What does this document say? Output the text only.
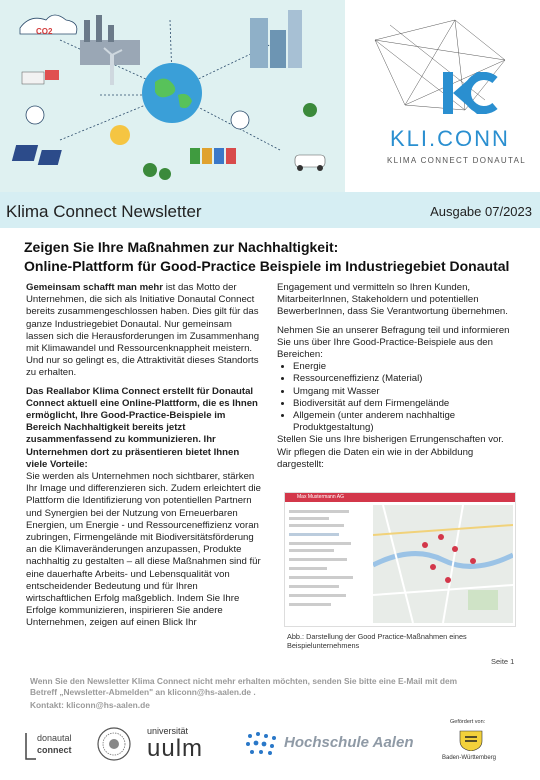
CO2
KLI.CONN
KLIMA CONNECT DONAUTAL
Klima Connect Newsletter	Ausgabe 07/2023
Zeigen Sie Ihre Maßnahmen zur Nachhaltigkeit:
Online-Plattform für Good-Practice Beispiele im Industriegebiet Donautal

Gemeinsam schafft man mehr ist das Motto der Unternehmen, die sich als Initiative Donautal Connect bereits zusammengeschlossen haben. Dies gilt für das ganze Industriegebiet Donautal. Nur gemeinsam lassen sich die Herausforderungen im Zusammenhang mit Klimawandel und Ressourcenknappheit meistern. Und nur so gelingt es, die Attraktivität dieses Standorts zu erhalten.

Das Reallabor Klima Connect erstellt für Donautal Connect aktuell eine Online-Plattform, die es Ihnen ermöglicht, Ihre Good-Practice-Beispiele im Bereich Nachhaltigkeit bereits jetzt zusammenfassend zu kommunizieren. Ihr Unternehmen dort zu präsentieren bietet Ihnen viele Vorteile:
Sie werden als Unternehmen noch sichtbarer, stärken Ihr Image und differenzieren sich. Zudem erleichtert die Plattform die Identifizierung von potentiellen Partnern und Synergien bei der Nutzung von Erneuerbaren Energien, um Energie - und Ressourceneffizienz voran zubringen, Firmengelände mit Biodiversitätsförderung an die Klimaveränderungen anzupassen, Produkte nachhaltig zu gestalten – all diese Maßnahmen sind für eine dauerhafte Arbeits- und Lebensqualität von entscheidender Bedeutung und für Ihren wirtschaftlichen Erfolg maßgeblich. Indem Sie Ihre Erfolge kommunizieren, inspirieren Sie andere Unternehmen, zeigen auf einen Blick Ihr

Engagement und vermitteln so Ihren Kunden, MitarbeiterInnen, Stakeholdern und potentiellen BewerberInnen, dass Sie Verantwortung übernehmen.

Nehmen Sie an unserer Befragung teil und informieren Sie uns über Ihre Good-Practice-Beispiele aus den Bereichen:

• Energie
• Ressourceneffizienz (Material)
• Umgang mit Wasser
• Biodiversität auf dem Firmengelände
• Allgemein (unter anderem nachhaltige Produktgestaltung)

Stellen Sie uns Ihre bisherigen Errungenschaften vor. Wir pflegen die Daten ein wie in der Abbildung dargestellt:

Max Mustermann AG
Abb.: Darstellung der Good Practice-Maßnahmen eines Beispielunternehmens
Seite 1
Wenn Sie den Newsletter Klima Connect nicht mehr erhalten möchten, senden Sie bitte eine E-Mail mit dem
Betreff „Newsletter-Abmelden" an kliconn@hs-aalen.de .
Kontakt: kliconn@hs-aalen.de
donautal
connect
universität
uulm	Hochschule Aalen
Gefördert von:
Baden-Württemberg
